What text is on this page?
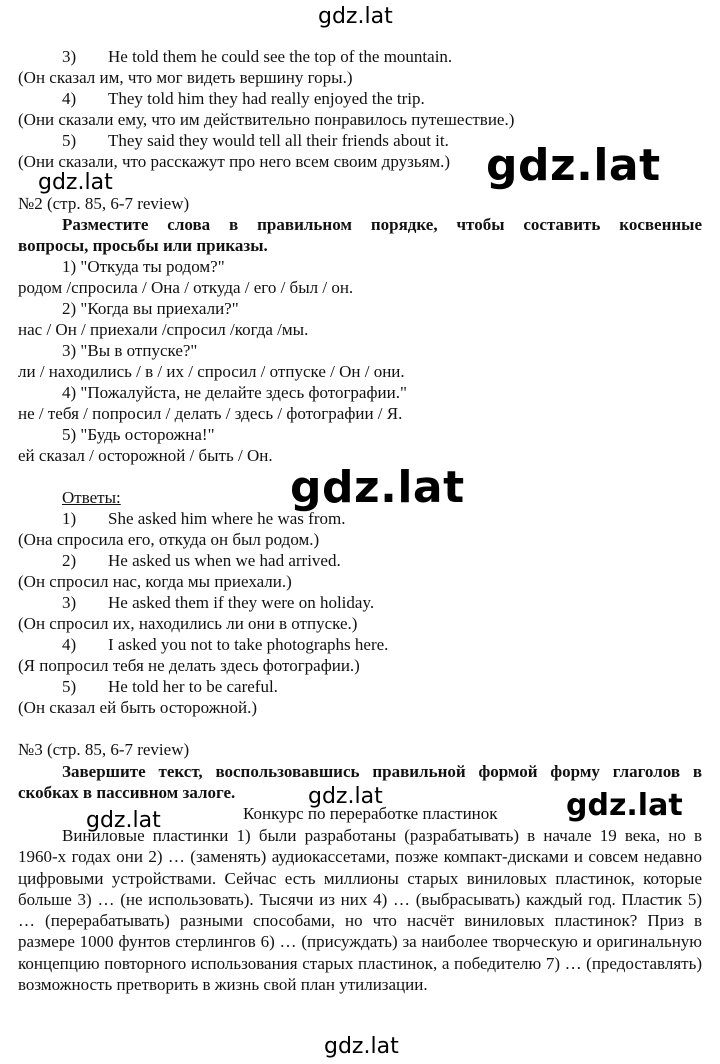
gdz.lat
gdz.lat
gdz.lat
gdz.lat
gdz.lat	gdz.lat
gdz.lat
gdz.lat
3) He told them he could see the top of the mountain.
(Он сказал им, что мог видеть вершину горы.)
4) They told him they had really enjoyed the trip.
(Они сказали ему, что им действительно понравилось путешествие.)
5) They said they would tell all their friends about it.
(Они сказали, что расскажут про него всем своим друзьям.)
№2 (стр. 85, 6-7 review)
Разместите слова в правильном порядке, чтобы составить косвенные
вопросы, просьбы или приказы.
1) "Откуда ты родом?"
родом /спросила / Она / откуда / его / был / он.
2) "Когда вы приехали?"
нас / Он / приехали /спросил /когда /мы.
3) "Вы в отпуске?"
ли / находились / в / их / спросил / отпуске / Он / они.
4) "Пожалуйста, не делайте здесь фотографии."
не / тебя / попросил / делать / здесь / фотографии / Я.
5) "Будь осторожна!"
ей сказал / осторожной / быть / Он.
Ответы:
1) She asked him where he was from.
(Она спросила его, откуда он был родом.)
2) He asked us when we had arrived.
(Он спросил нас, когда мы приехали.)
3) He asked them if they were on holiday.
(Он спросил их, находились ли они в отпуске.)
4) I asked you not to take photographs here.
(Я попросил тебя не делать здесь фотографии.)
5) He told her to be careful.
(Он сказал ей быть осторожной.)
№3 (стр. 85, 6-7 review)
Завершите текст, воспользовавшись правильной формой форму глаголов в
скобках в пассивном залоге.
Конкурс по переработке пластинок
Виниловые пластинки 1) были разработаны (разрабатывать) в начале 19 века, но в 1960-х годах они 2) … (заменять) аудиокассетами, позже компакт-дисками и совсем недавно цифровыми устройствами. Сейчас есть миллионы старых виниловых пластинок, которые больше 3) … (не использовать). Тысячи из них 4) … (выбрасывать) каждый год. Пластик 5) … (перерабатывать) разными способами, но что насчёт виниловых пластинок? Приз в размере 1000 фунтов стерлингов 6) … (присуждать) за наиболее творческую и оригинальную концепцию повторного использования старых пластинок, а победителю 7) … (предоставлять) возможность претворить в жизнь свой план утилизации.
